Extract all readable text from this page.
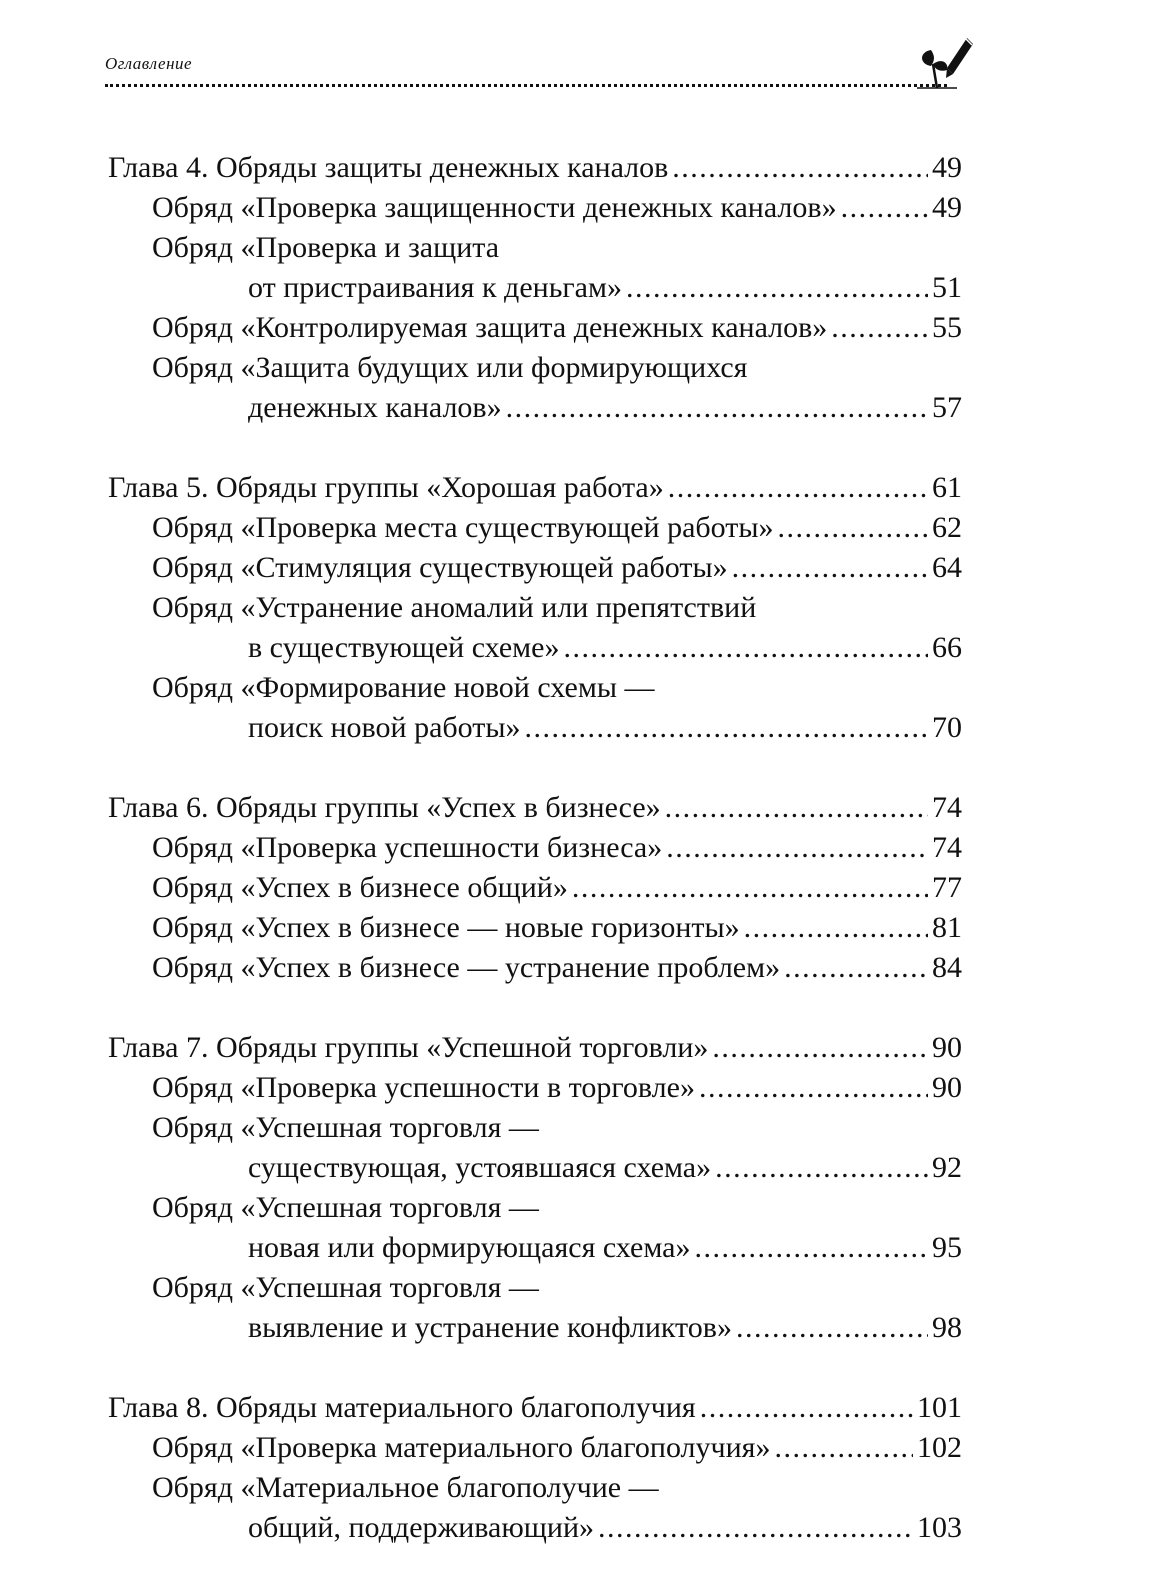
Оглавление
Глава 4. Обряды защиты денежных каналов . . .	49
Обряд «Проверка защищенности денежных каналов» . . .	49
Обряд «Проверка и защита
от пристраивания к деньгам» . . .	51
Обряд «Контролируемая защита денежных каналов» . . .	55
Обряд «Защита будущих или формирующихся
денежных каналов» . . .	57
Глава 5. Обряды группы «Хорошая работа» . . .	61
Обряд «Проверка места существующей работы» . . .	62
Обряд «Стимуляция существующей работы» . . .	64
Обряд «Устранение аномалий или препятствий
в существующей схеме» . . .	66
Обряд «Формирование новой схемы —
поиск новой работы» . . .	70
Глава 6. Обряды группы «Успех в бизнесе» . . .	74
Обряд «Проверка успешности бизнеса» . . .	74
Обряд «Успех в бизнесе общий» . . .	77
Обряд «Успех в бизнесе — новые горизонты» . . .	81
Обряд «Успех в бизнесе — устранение проблем» . . .	84
Глава 7. Обряды группы «Успешной торговли» . . .	90
Обряд «Проверка успешности в торговле» . . .	90
Обряд «Успешная торговля —
существующая, устоявшаяся схема» . . .	92
Обряд «Успешная торговля —
новая или формирующаяся схема» . . .	95
Обряд «Успешная торговля —
выявление и устранение конфликтов» . . .	98
Глава 8. Обряды материального благополучия . . .	101
Обряд «Проверка материального благополучия» . . .	102
Обряд «Материальное благополучие —
общий, поддерживающий» . . .	103
